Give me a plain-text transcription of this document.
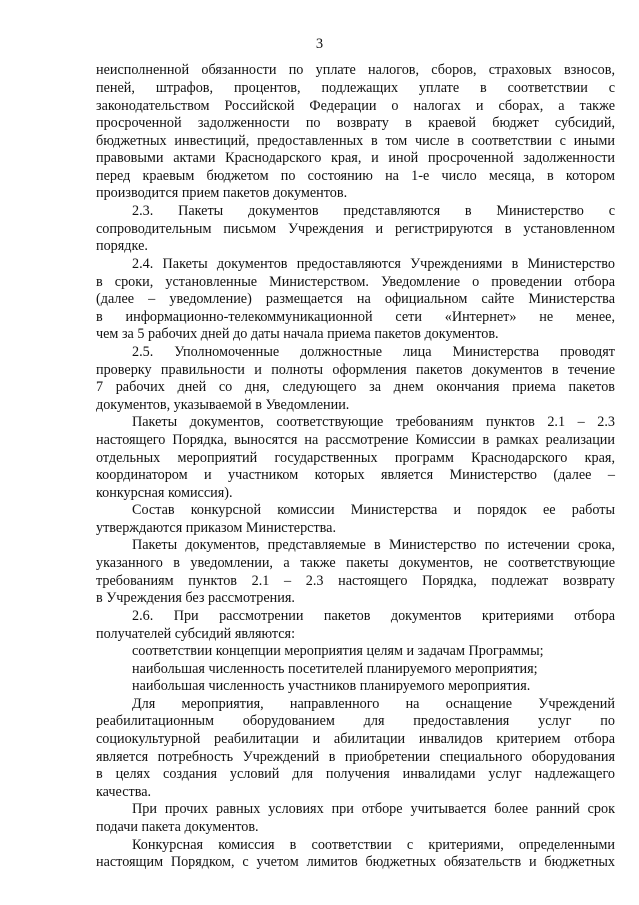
3
неисполненной обязанности по уплате налогов, сборов, страховых взносов,
пеней, штрафов, процентов, подлежащих уплате в соответствии с
законодательством Российской Федерации о налогах и сборах, а также
просроченной задолженности по возврату в краевой бюджет субсидий,
бюджетных инвестиций, предоставленных в том числе в соответствии с иными
правовыми актами Краснодарского края, и иной просроченной задолженности
перед краевым бюджетом по состоянию на 1-е число месяца, в котором
производится прием пакетов документов.
2.3. Пакеты документов представляются в Министерство с
сопроводительным письмом Учреждения и регистрируются в установленном
порядке.
2.4. Пакеты документов предоставляются Учреждениями в Министерство
в сроки, установленные Министерством. Уведомление о проведении отбора
(далее – уведомление) размещается на официальном сайте Министерства
в информационно-телекоммуникационной сети «Интернет» не менее,
чем за 5 рабочих дней до даты начала приема пакетов документов.
2.5. Уполномоченные должностные лица Министерства проводят
проверку правильности и полноты оформления пакетов документов в течение
7 рабочих дней со дня, следующего за днем окончания приема пакетов
документов, указываемой в Уведомлении.
Пакеты документов, соответствующие требованиям пунктов 2.1 – 2.3
настоящего Порядка, выносятся на рассмотрение Комиссии в рамках реализации
отдельных мероприятий государственных программ Краснодарского края,
координатором и участником которых является Министерство (далее –
конкурсная комиссия).
Состав конкурсной комиссии Министерства и порядок ее работы
утверждаются приказом Министерства.
Пакеты документов, представляемые в Министерство по истечении срока,
указанного в уведомлении, а также пакеты документов, не соответствующие
требованиям пунктов 2.1 – 2.3 настоящего Порядка, подлежат возврату
в Учреждения без рассмотрения.
2.6. При рассмотрении пакетов документов критериями отбора
получателей субсидий являются:
соответствии концепции мероприятия целям и задачам Программы;
наибольшая численность посетителей планируемого мероприятия;
наибольшая численность участников планируемого мероприятия.
Для мероприятия, направленного на оснащение Учреждений
реабилитационным оборудованием для предоставления услуг по
социокультурной реабилитации и абилитации инвалидов критерием отбора
является потребность Учреждений в приобретении специального оборудования
в целях создания условий для получения инвалидами услуг надлежащего
качества.
При прочих равных условиях при отборе учитывается более ранний срок
подачи пакета документов.
Конкурсная комиссия в соответствии с критериями, определенными
настоящим Порядком, с учетом лимитов бюджетных обязательств и бюджетных
